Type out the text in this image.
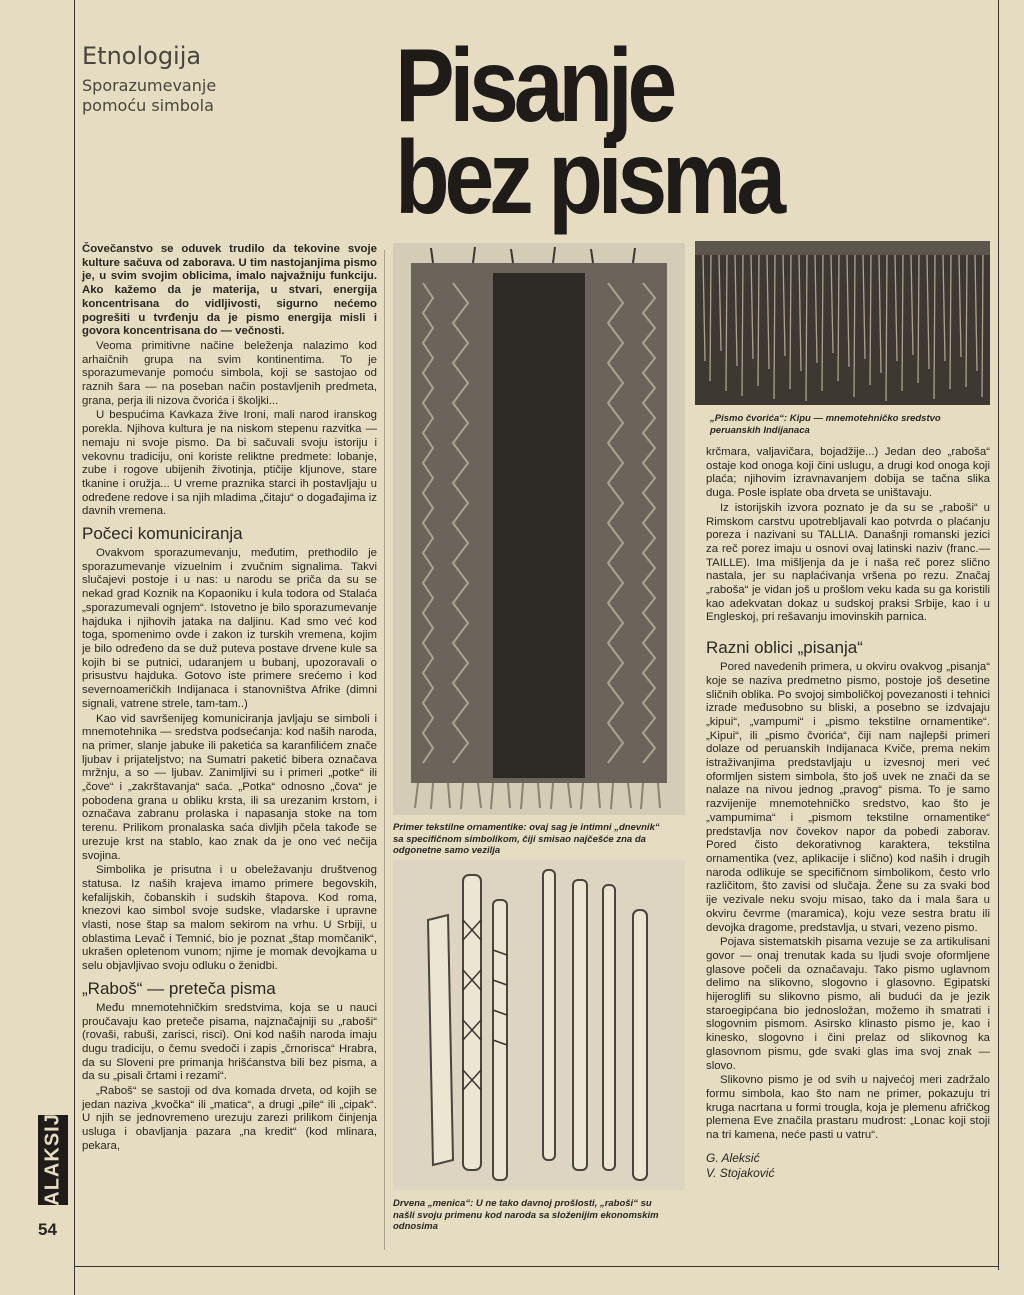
Etnologija
Sporazumevanje pomoću simbola	Pisanje
bez pisma

Čovečanstvo se oduvek trudilo da tekovine svoje kulture sačuva od zaborava. U tim nastojanjima pismo je, u svim svojim oblicima, imalo najvažniju funkciju. Ako kažemo da je materija, u stvari, energija koncentrisana do vidljivosti, sigurno nećemo pogrešiti u tvrđenju da je pismo energija misli i govora koncentrisana do — večnosti.

Veoma primitivne načine beleženja nalazimo kod arhaičnih grupa na svim kontinentima. To je sporazumevanje pomoću simbola, koji se sastojao od raznih šara — na poseban način postavljenih predmeta, grana, perja ili nizova čvorića i školjki...

U bespućima Kavkaza žive Ironi, mali narod iranskog porekla. Njihova kultura je na niskom stepenu razvitka — nemaju ni svoje pismo. Da bi sačuvali svoju istoriju i vekovnu tradiciju, oni koriste reliktne predmete: lobanje, zube i rogove ubijenih životinja, ptičije kljunove, stare tkanine i oružja... U vreme praznika starci ih postavljaju u određene redove i sa njih mladima „čitaju“ o događajima iz davnih vremena.

Počeci komuniciranja

Ovakvom sporazumevanju, međutim, prethodilo je sporazumevanje vizuelnim i zvučnim signalima. Takvi slučajevi postoje i u nas: u narodu se priča da su se nekad grad Koznik na Kopaoniku i kula todora od Stalaća „sporazumevali ognjem“. Istovetno je bilo sporazumevanje hajduka i njihovih jataka na daljinu. Kad smo već kod toga, spomenimo ovde i zakon iz turskih vremena, kojim je bilo određeno da se duž puteva postave drvene kule sa kojih bi se putnici, udaranjem u bubanj, upozoravali o prisustvu hajduka. Gotovo iste primere srećemo i kod severnoameričkih Indijanaca i stanovništva Afrike (dimni signali, vatrene strele, tam-tam..)

Kao vid savršenijeg komuniciranja javljaju se simboli i mnemotehnika — sredstva podsećanja: kod naših naroda, na primer, slanje jabuke ili paketića sa karanfilićem znače ljubav i prijateljstvo; na Sumatri paketić bibera označava mržnju, a so — ljubav. Zanimljivi su i primeri „potke“ ili „čove“ i „zakrštavanja“ saća. „Potka“ odnosno „čova“ je pobodena grana u obliku krsta, ili sa urezanim krstom, i označava zabranu prolaska i napasanja stoke na tom terenu. Prilikom pronalaska saća divljih pčela takođe se urezuje krst na stablo, kao znak da je ono već nečija svojina.

Simbolika je prisutna i u obeležavanju društvenog statusa. Iz naših krajeva imamo primere begovskih, kefalijskih, čobanskih i sudskih štapova. Kod roma, knezovi kao simbol svoje sudske, vladarske i upravne vlasti, nose štap sa malom sekirom na vrhu. U Srbiji, u oblastima Levač i Temnić, bio je poznat „štap momčanik“, ukrašen opletenom vunom; njime je momak devojkama u selu objavljivao svoju odluku o ženidbi.

„Raboš“ — preteča pisma

Među mnemotehničkim sredstvima, koja se u nauci proučavaju kao preteče pisama, najznačajniji su „raboši“ (rovaši, rabuši, zarisci, risci). Oni kod naših naroda imaju dugu tradiciju, o čemu svedoči i zapis „črnorisca“ Hrabra, da su Sloveni pre primanja hrišćanstva bili bez pisma, a da su „pisali črtami i rezami“.

„Raboš“ se sastoji od dva komada drveta, od kojih se jedan naziva „kvočka“ ili „matica“, a drugi „pile“ ili „cipak“. U njih se jednovremeno urezuju zarezi prilikom činjenja usluga i obavljanja pazara „na kredit“ (kod mlinara, pekara,

Primer tekstilne ornamentike: ovaj sag je intimni „dnevnik“ sa specifičnom simbolikom, čiji smisao najčešće zna da odgonetne samo vezilja
Drvena „menica“: U ne tako davnoj prošlosti, „raboši“ su našli svoju primenu kod naroda sa složenijim ekonomskim odnosima
„Pismo čvorića“: Kipu — mnemotehničko sredstvo peruanskih Indijanaca

krčmara, valjavičara, bojadžije...) Jedan deo „raboša“ ostaje kod onoga koji čini uslugu, a drugi kod onoga koji plaća; njihovim izravnavanjem dobija se tačna slika duga. Posle isplate oba drveta se uništavaju.

Iz istorijskih izvora poznato je da su se „raboši“ u Rimskom carstvu upotrebljavali kao potvrda o plaćanju poreza i nazivani su TALLIA. Današnji romanski jezici za reč porez imaju u osnovi ovaj latinski naziv (franc.— TAILLE). Ima mišljenja da je i naša reč porez slično nastala, jer su naplaćivanja vršena po rezu. Značaj „raboša“ je vidan još u prošlom veku kada su ga koristili kao adekvatan dokaz u sudskoj praksi Srbije, kao i u Engleskoj, pri rešavanju imovinskih parnica.

Razni oblici „pisanja“

Pored navedenih primera, u okviru ovakvog „pisanja“ koje se naziva predmetno pismo, postoje još desetine sličnih oblika. Po svojoj simboličkoj povezanosti i tehnici izrade međusobno su bliski, a posebno se izdvajaju „kipui“, „vampumi“ i „pismo tekstilne ornamentike“. „Kipui“, ili „pismo čvorića“, čiji nam najlepši primeri dolaze od peruanskih Indijanaca Kviče, prema nekim istraživanjima predstavljaju u izvesnoj meri već oformljen sistem simbola, što još uvek ne znači da se nalaze na nivou jednog „pravog“ pisma. To je samo razvijenije mnemotehničko sredstvo, kao što je „vampumima“ i „pismom tekstilne ornamentike“ predstavlja nov čovekov napor da pobedi zaborav. Pored čisto dekorativnog karaktera, tekstilna ornamentika (vez, aplikacije i slično) kod naših i drugih naroda odlikuje se specifičnom simbolikom, često vrlo različitom, što zavisi od slučaja. Žene su za svaki bod ije vezivale neku svoju misao, tako da i mala šara u okviru čevrme (maramica), koju veze sestra bratu ili devojka dragome, predstavlja, u stvari, vezeno pismo.

Pojava sistematskih pisama vezuje se za artikulisani govor — onaj trenutak kada su ljudi svoje oformljene glasove počeli da označavaju. Tako pismo uglavnom delimo na slikovno, slogovno i glasovno. Egipatski hijeroglifi su slikovno pismo, ali budući da je jezik staroegipćana bio jednosložan, možemo ih smatrati i slogovnim pismom. Asirsko klinasto pismo je, kao i kinesko, slogovno i čini prelaz od slikovnog ka glasovnom pismu, gde svaki glas ima svoj znak — slovo.

Slikovno pismo je od svih u najvećoj meri zadržalo formu simbola, kao što nam ne primer, pokazuju tri kruga nacrtana u formi trougla, koja je plemenu afričkog plemena Eve značila prastaru mudrost: „Lonac koji stoji na tri kamena, neće pasti u vatru“.

G. Aleksić
V. Stojaković
GALAKSIJA
54
